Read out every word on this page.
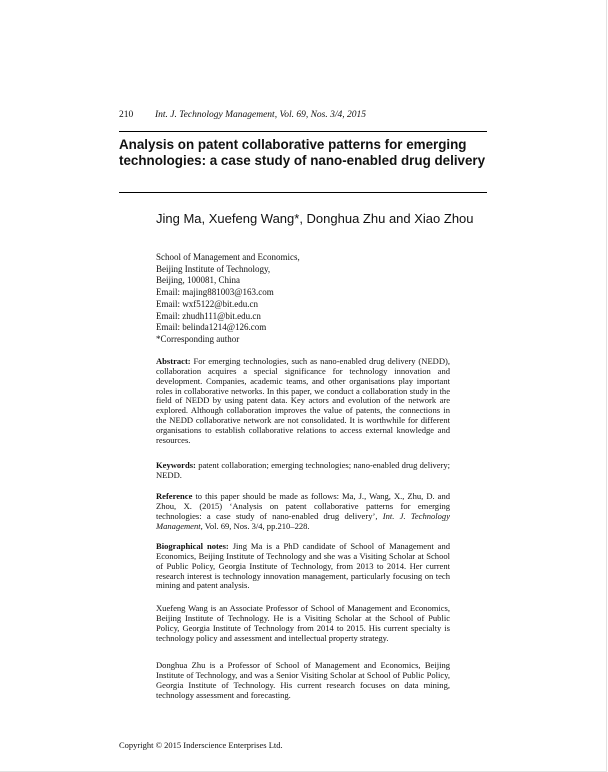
210 Int. J. Technology Management, Vol. 69, Nos. 3/4, 2015
Analysis on patent collaborative patterns for emerging technologies: a case study of nano-enabled drug delivery
Jing Ma, Xuefeng Wang*, Donghua Zhu and Xiao Zhou
School of Management and Economics,
Beijing Institute of Technology,
Beijing, 100081, China
Email: majing881003@163.com
Email: wxf5122@bit.edu.cn
Email: zhudh111@bit.edu.cn
Email: belinda1214@126.com
*Corresponding author
Abstract: For emerging technologies, such as nano-enabled drug delivery (NEDD), collaboration acquires a special significance for technology innovation and development. Companies, academic teams, and other organisations play important roles in collaborative networks. In this paper, we conduct a collaboration study in the field of NEDD by using patent data. Key actors and evolution of the network are explored. Although collaboration improves the value of patents, the connections in the NEDD collaborative network are not consolidated. It is worthwhile for different organisations to establish collaborative relations to access external knowledge and resources.
Keywords: patent collaboration; emerging technologies; nano-enabled drug delivery; NEDD.
Reference to this paper should be made as follows: Ma, J., Wang, X., Zhu, D. and Zhou, X. (2015) ‘Analysis on patent collaborative patterns for emerging technologies: a case study of nano-enabled drug delivery’, Int. J. Technology Management, Vol. 69, Nos. 3/4, pp.210–228.
Biographical notes: Jing Ma is a PhD candidate of School of Management and Economics, Beijing Institute of Technology and she was a Visiting Scholar at School of Public Policy, Georgia Institute of Technology, from 2013 to 2014. Her current research interest is technology innovation management, particularly focusing on tech mining and patent analysis.
Xuefeng Wang is an Associate Professor of School of Management and Economics, Beijing Institute of Technology. He is a Visiting Scholar at the School of Public Policy, Georgia Institute of Technology from 2014 to 2015. His current specialty is technology policy and assessment and intellectual property strategy.
Donghua Zhu is a Professor of School of Management and Economics, Beijing Institute of Technology, and was a Senior Visiting Scholar at School of Public Policy, Georgia Institute of Technology. His current research focuses on data mining, technology assessment and forecasting.
Copyright © 2015 Inderscience Enterprises Ltd.
